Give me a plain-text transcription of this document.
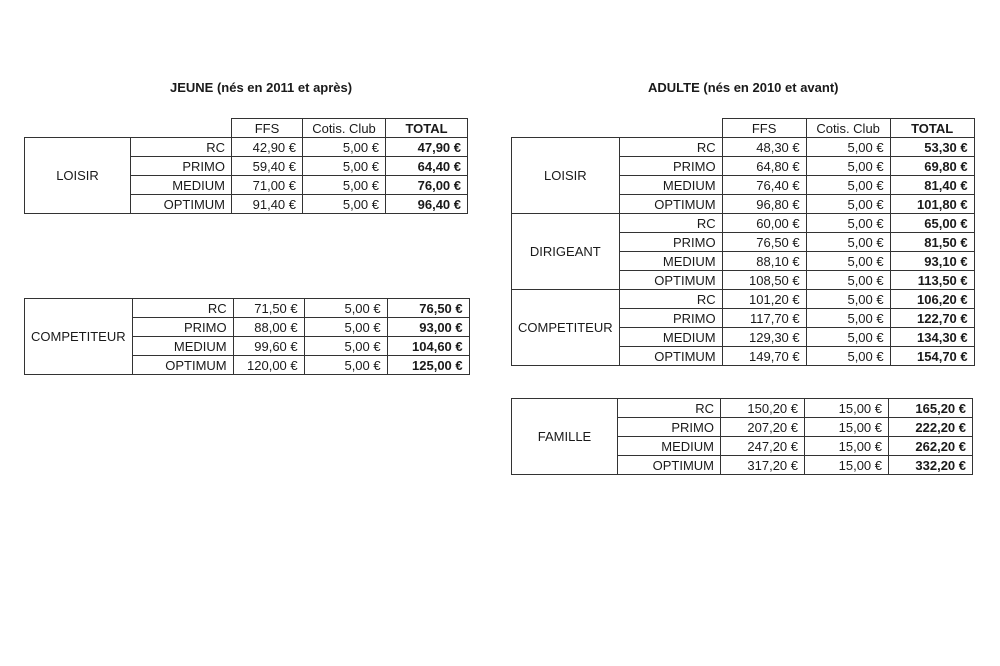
JEUNE (nés en 2011 et après)	ADULTE (nés en 2010 et avant)
		FFS	Cotis. Club	TOTAL
LOISIR	RC	42,90 €	5,00 €	47,90 €
	PRIMO	59,40 €	5,00 €	64,40 €
	MEDIUM	71,00 €	5,00 €	76,00 €
	OPTIMUM	91,40 €	5,00 €	96,40 €
COMPETITEUR	RC	71,50 €	5,00 €	76,50 €
	PRIMO	88,00 €	5,00 €	93,00 €
	MEDIUM	99,60 €	5,00 €	104,60 €
	OPTIMUM	120,00 €	5,00 €	125,00 €
		FFS	Cotis. Club	TOTAL
LOISIR	RC	48,30 €	5,00 €	53,30 €
	PRIMO	64,80 €	5,00 €	69,80 €
	MEDIUM	76,40 €	5,00 €	81,40 €
	OPTIMUM	96,80 €	5,00 €	101,80 €
DIRIGEANT	RC	60,00 €	5,00 €	65,00 €
	PRIMO	76,50 €	5,00 €	81,50 €
	MEDIUM	88,10 €	5,00 €	93,10 €
	OPTIMUM	108,50 €	5,00 €	113,50 €
COMPETITEUR	RC	101,20 €	5,00 €	106,20 €
	PRIMO	117,70 €	5,00 €	122,70 €
	MEDIUM	129,30 €	5,00 €	134,30 €
	OPTIMUM	149,70 €	5,00 €	154,70 €
FAMILLE	RC	150,20 €	15,00 €	165,20 €
	PRIMO	207,20 €	15,00 €	222,20 €
	MEDIUM	247,20 €	15,00 €	262,20 €
	OPTIMUM	317,20 €	15,00 €	332,20 €
